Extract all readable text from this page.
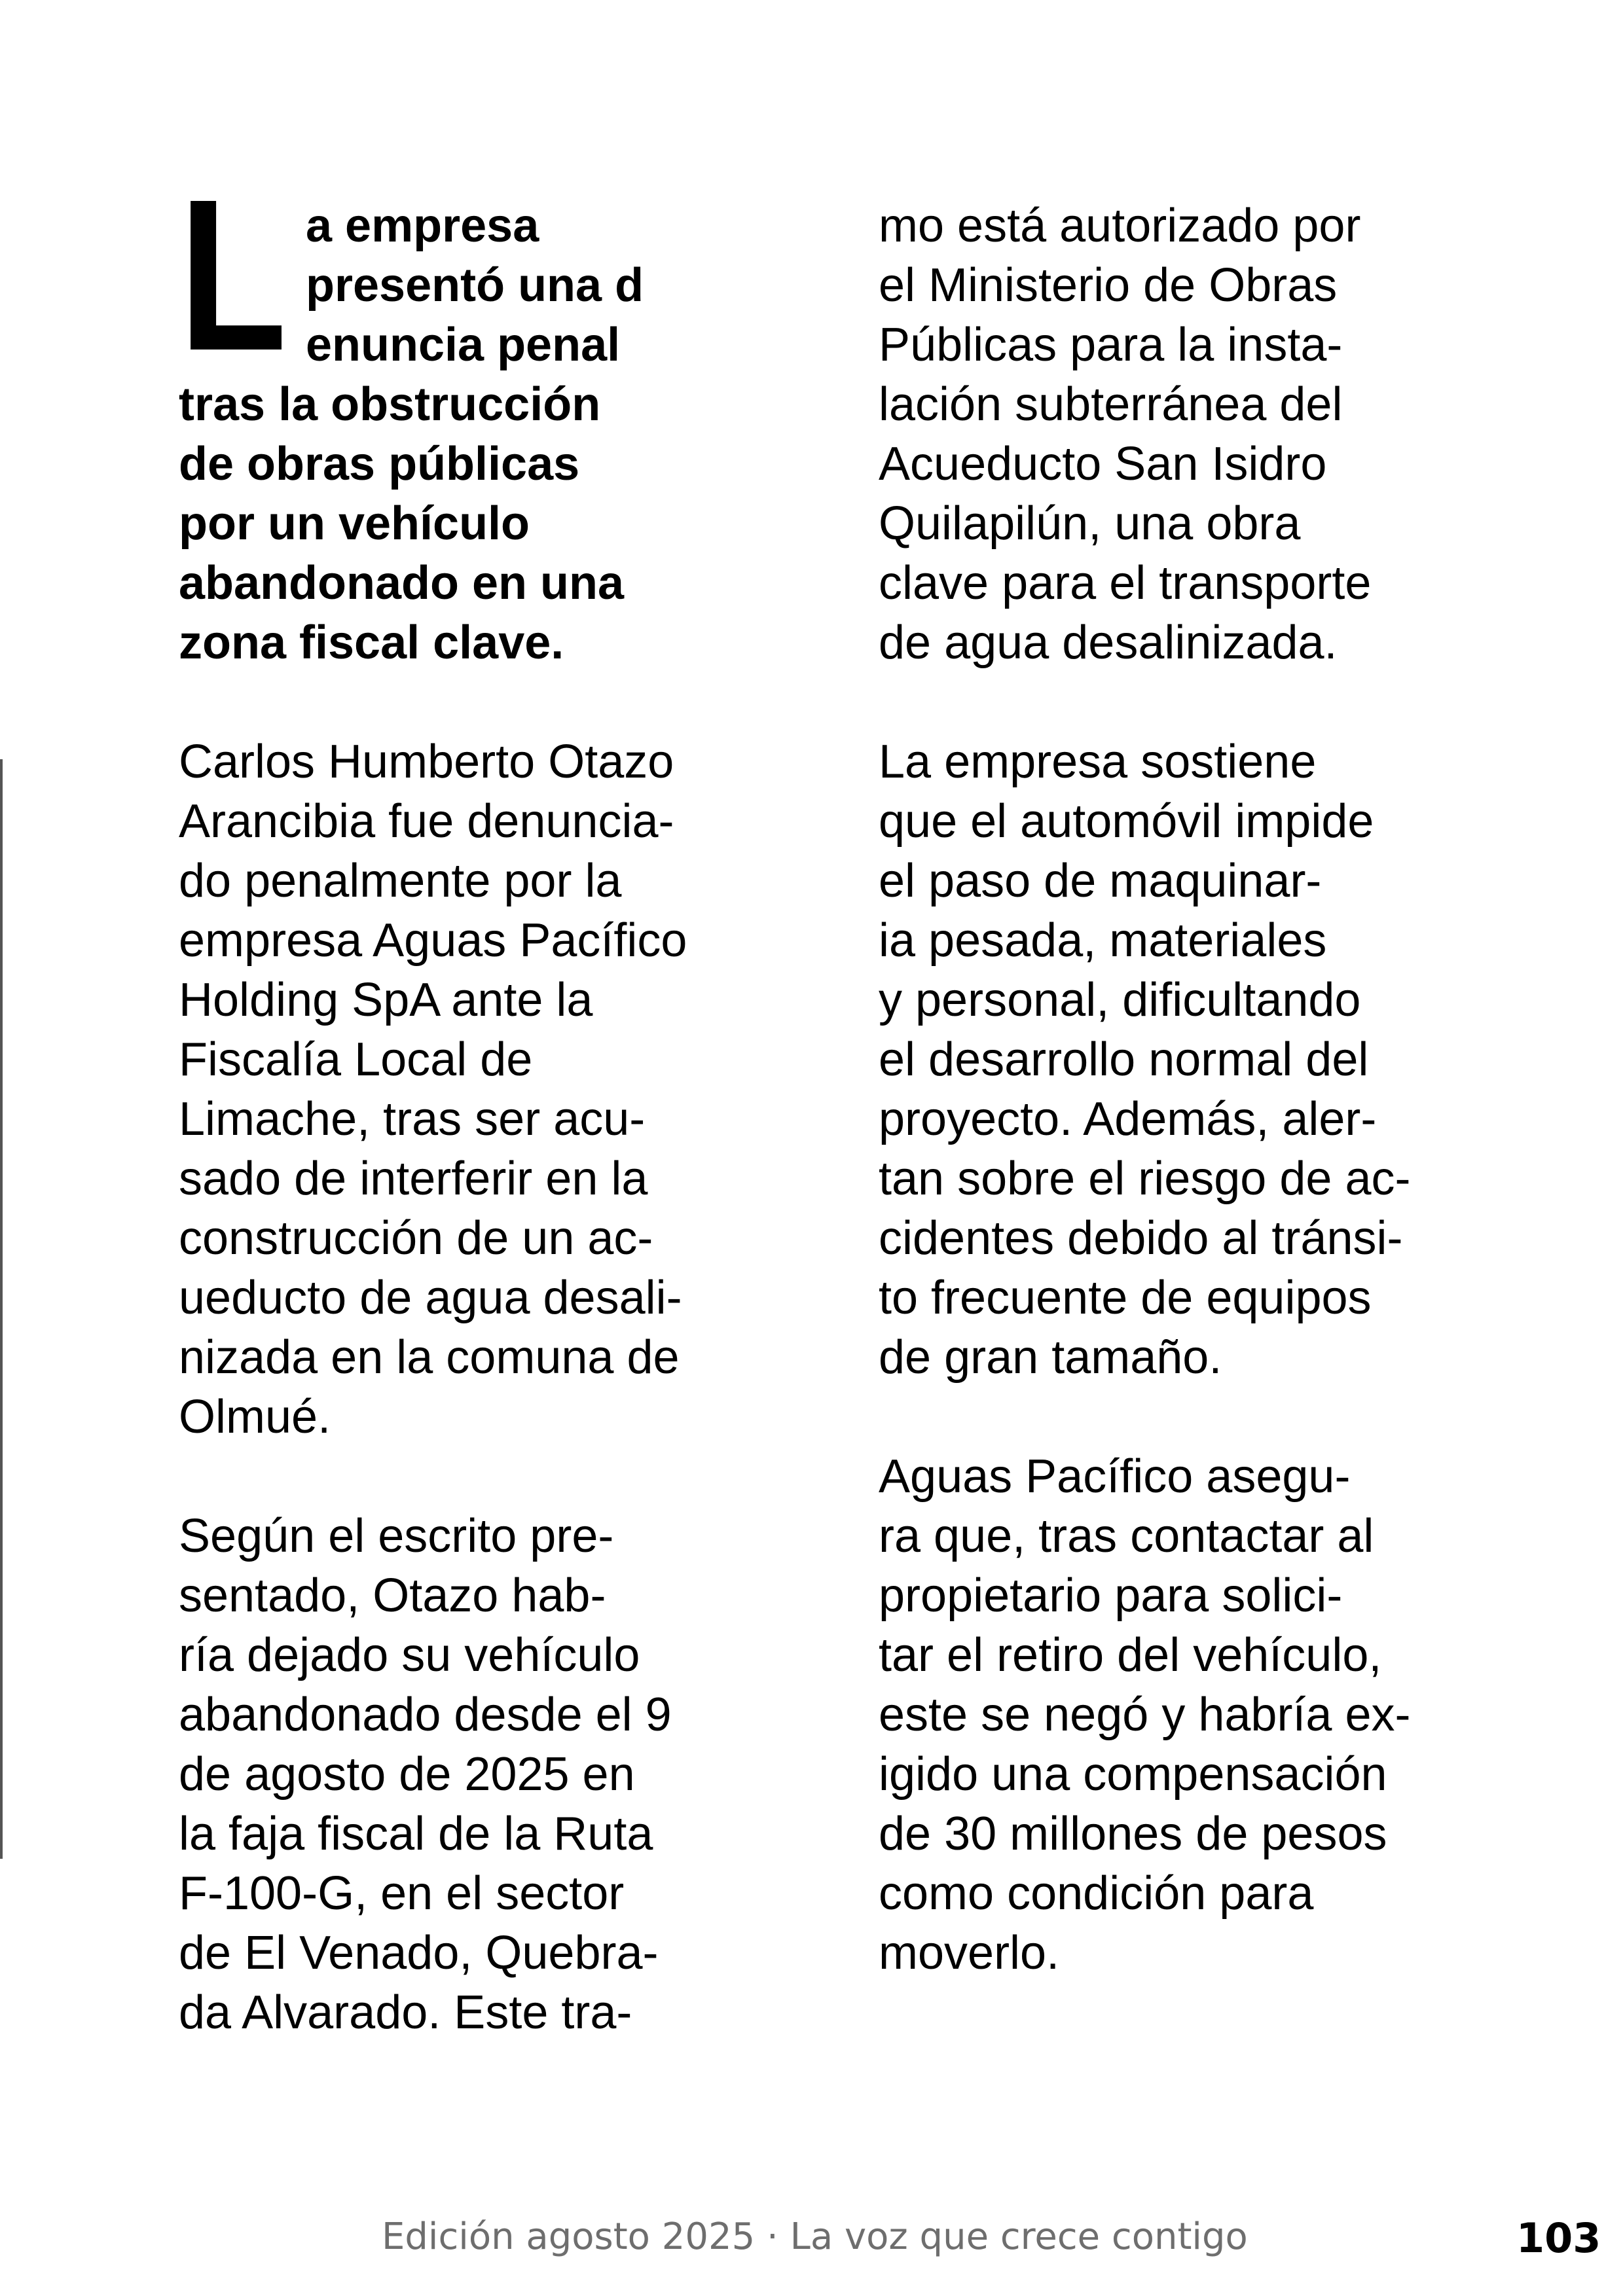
L a empresa
presentó una d
enuncia penal
tras la obstrucción
de obras públicas
por un vehículo
abandonado en una
zona fiscal clave.
Carlos Humberto Otazo
Arancibia fue denuncia-
do penalmente por la
empresa Aguas Pacífico
Holding SpA ante la
Fiscalía Local de
Limache, tras ser acu-
sado de interferir en la
construcción de un ac-
ueducto de agua desali-
nizada en la comuna de
Olmué.
Según el escrito pre-
sentado, Otazo hab-
ría dejado su vehículo
abandonado desde el 9
de agosto de 2025 en
la faja fiscal de la Ruta
F-100-G, en el sector
de El Venado, Quebra-
da Alvarado. Este tra-
mo está autorizado por
el Ministerio de Obras
Públicas para la insta-
lación subterránea del
Acueducto San Isidro
Quilapilún, una obra
clave para el transporte
de agua desalinizada.
La empresa sostiene
que el automóvil impide
el paso de maquinar-
ia pesada, materiales
y personal, dificultando
el desarrollo normal del
proyecto. Además, aler-
tan sobre el riesgo de ac-
cidentes debido al tránsi-
to frecuente de equipos
de gran tamaño.
Aguas Pacífico asegu-
ra que, tras contactar al
propietario para solici-
tar el retiro del vehículo,
este se negó y habría ex-
igido una compensación
de 30 millones de pesos
como condición para
moverlo.
Edición agosto 2025 · La voz que crece contigo	103
